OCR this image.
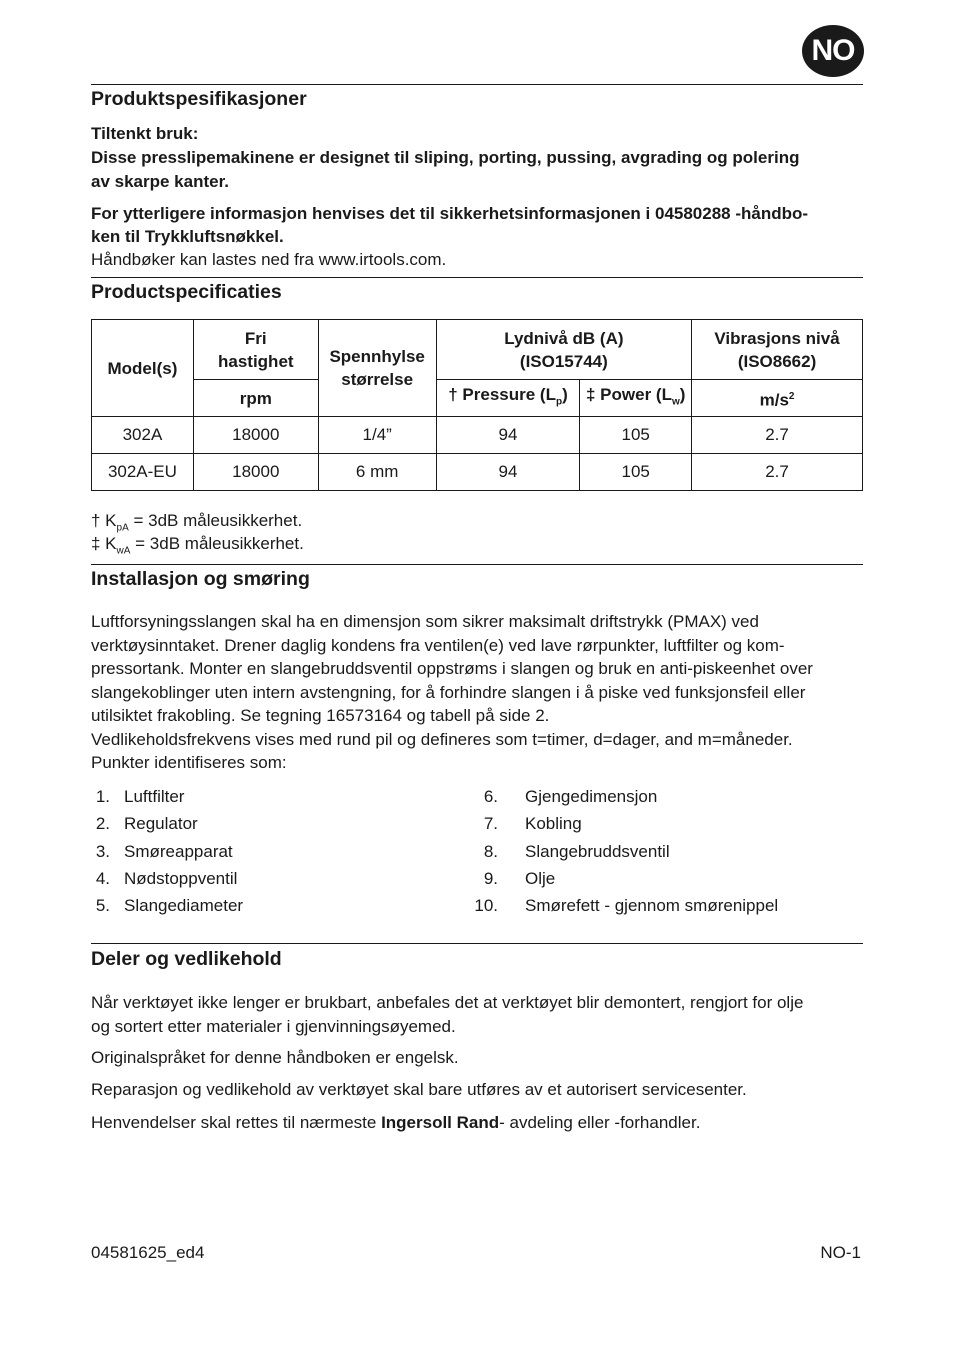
NO
Produktspesifikasjoner
Tiltenkt bruk:
Disse presslipemakinene er designet til sliping, porting, pussing, avgrading og polering
av skarpe kanter.
For ytterligere informasjon henvises det til sikkerhetsinformasjonen i 04580288 -håndbo-
ken til Trykkluftsnøkkel.
Håndbøker kan lastes ned fra www.irtools.com.
Productspecificaties
Model(s)	Fri hastighet	Spennhylse størrelse	Lydnivå dB (A) (ISO15744)		Vibrasjons nivå (ISO8662)

	rpm		† Pressure $(L_p)$	‡ Power $(L_w)$	$m/s^2$
302A	18000	1/4”	94	105	2.7
302A-EU	18000	6 mm	94	105	2.7
† $K_{pA} = 3dB$ måleusikkerhet.
‡ $K_{wA} = 3dB$ måleusikkerhet.
Installasjon og smøring
Luftforsyningsslangen skal ha en dimensjon som sikrer maksimalt driftstrykk (PMAX) ved
verktøysinntaket. Drener daglig kondens fra ventilen(e) ved lave rørpunkter, luftfilter og kom-
pressortank. Monter en slangebruddsventil oppstrøms i slangen og bruk en anti-piskeenhet over
slangekoblinger uten intern avstengning, for å forhindre slangen i å piske ved funksjonsfeil eller
utilsiktet frakobling. Se tegning 16573164 og tabell på side 2.
Vedlikeholdsfrekvens vises med rund pil og defineres som t=timer, d=dager, and m=måneder.
Punkter identifiseres som:
1. Luftfilter
2. Regulator
3. Smøreapparat
4. Nødstoppventil
5. Slangediameter
6. Gjengedimensjon
7. Kobling
8. Slangebruddsventil
9. Olje
10. Smørefett - gjennom smørenippel
Deler og vedlikehold
Når verktøyet ikke lenger er brukbart, anbefales det at verktøyet blir demontert, rengjort for olje
og sortert etter materialer i gjenvinningsøyemed.
Originalspråket for denne håndboken er engelsk.
Reparasjon og vedlikehold av verktøyet skal bare utføres av et autorisert servicesenter.
Henvendelser skal rettes til nærmeste Ingersoll Rand- avdeling eller -forhandler.
04581625_ed4	NO-1
